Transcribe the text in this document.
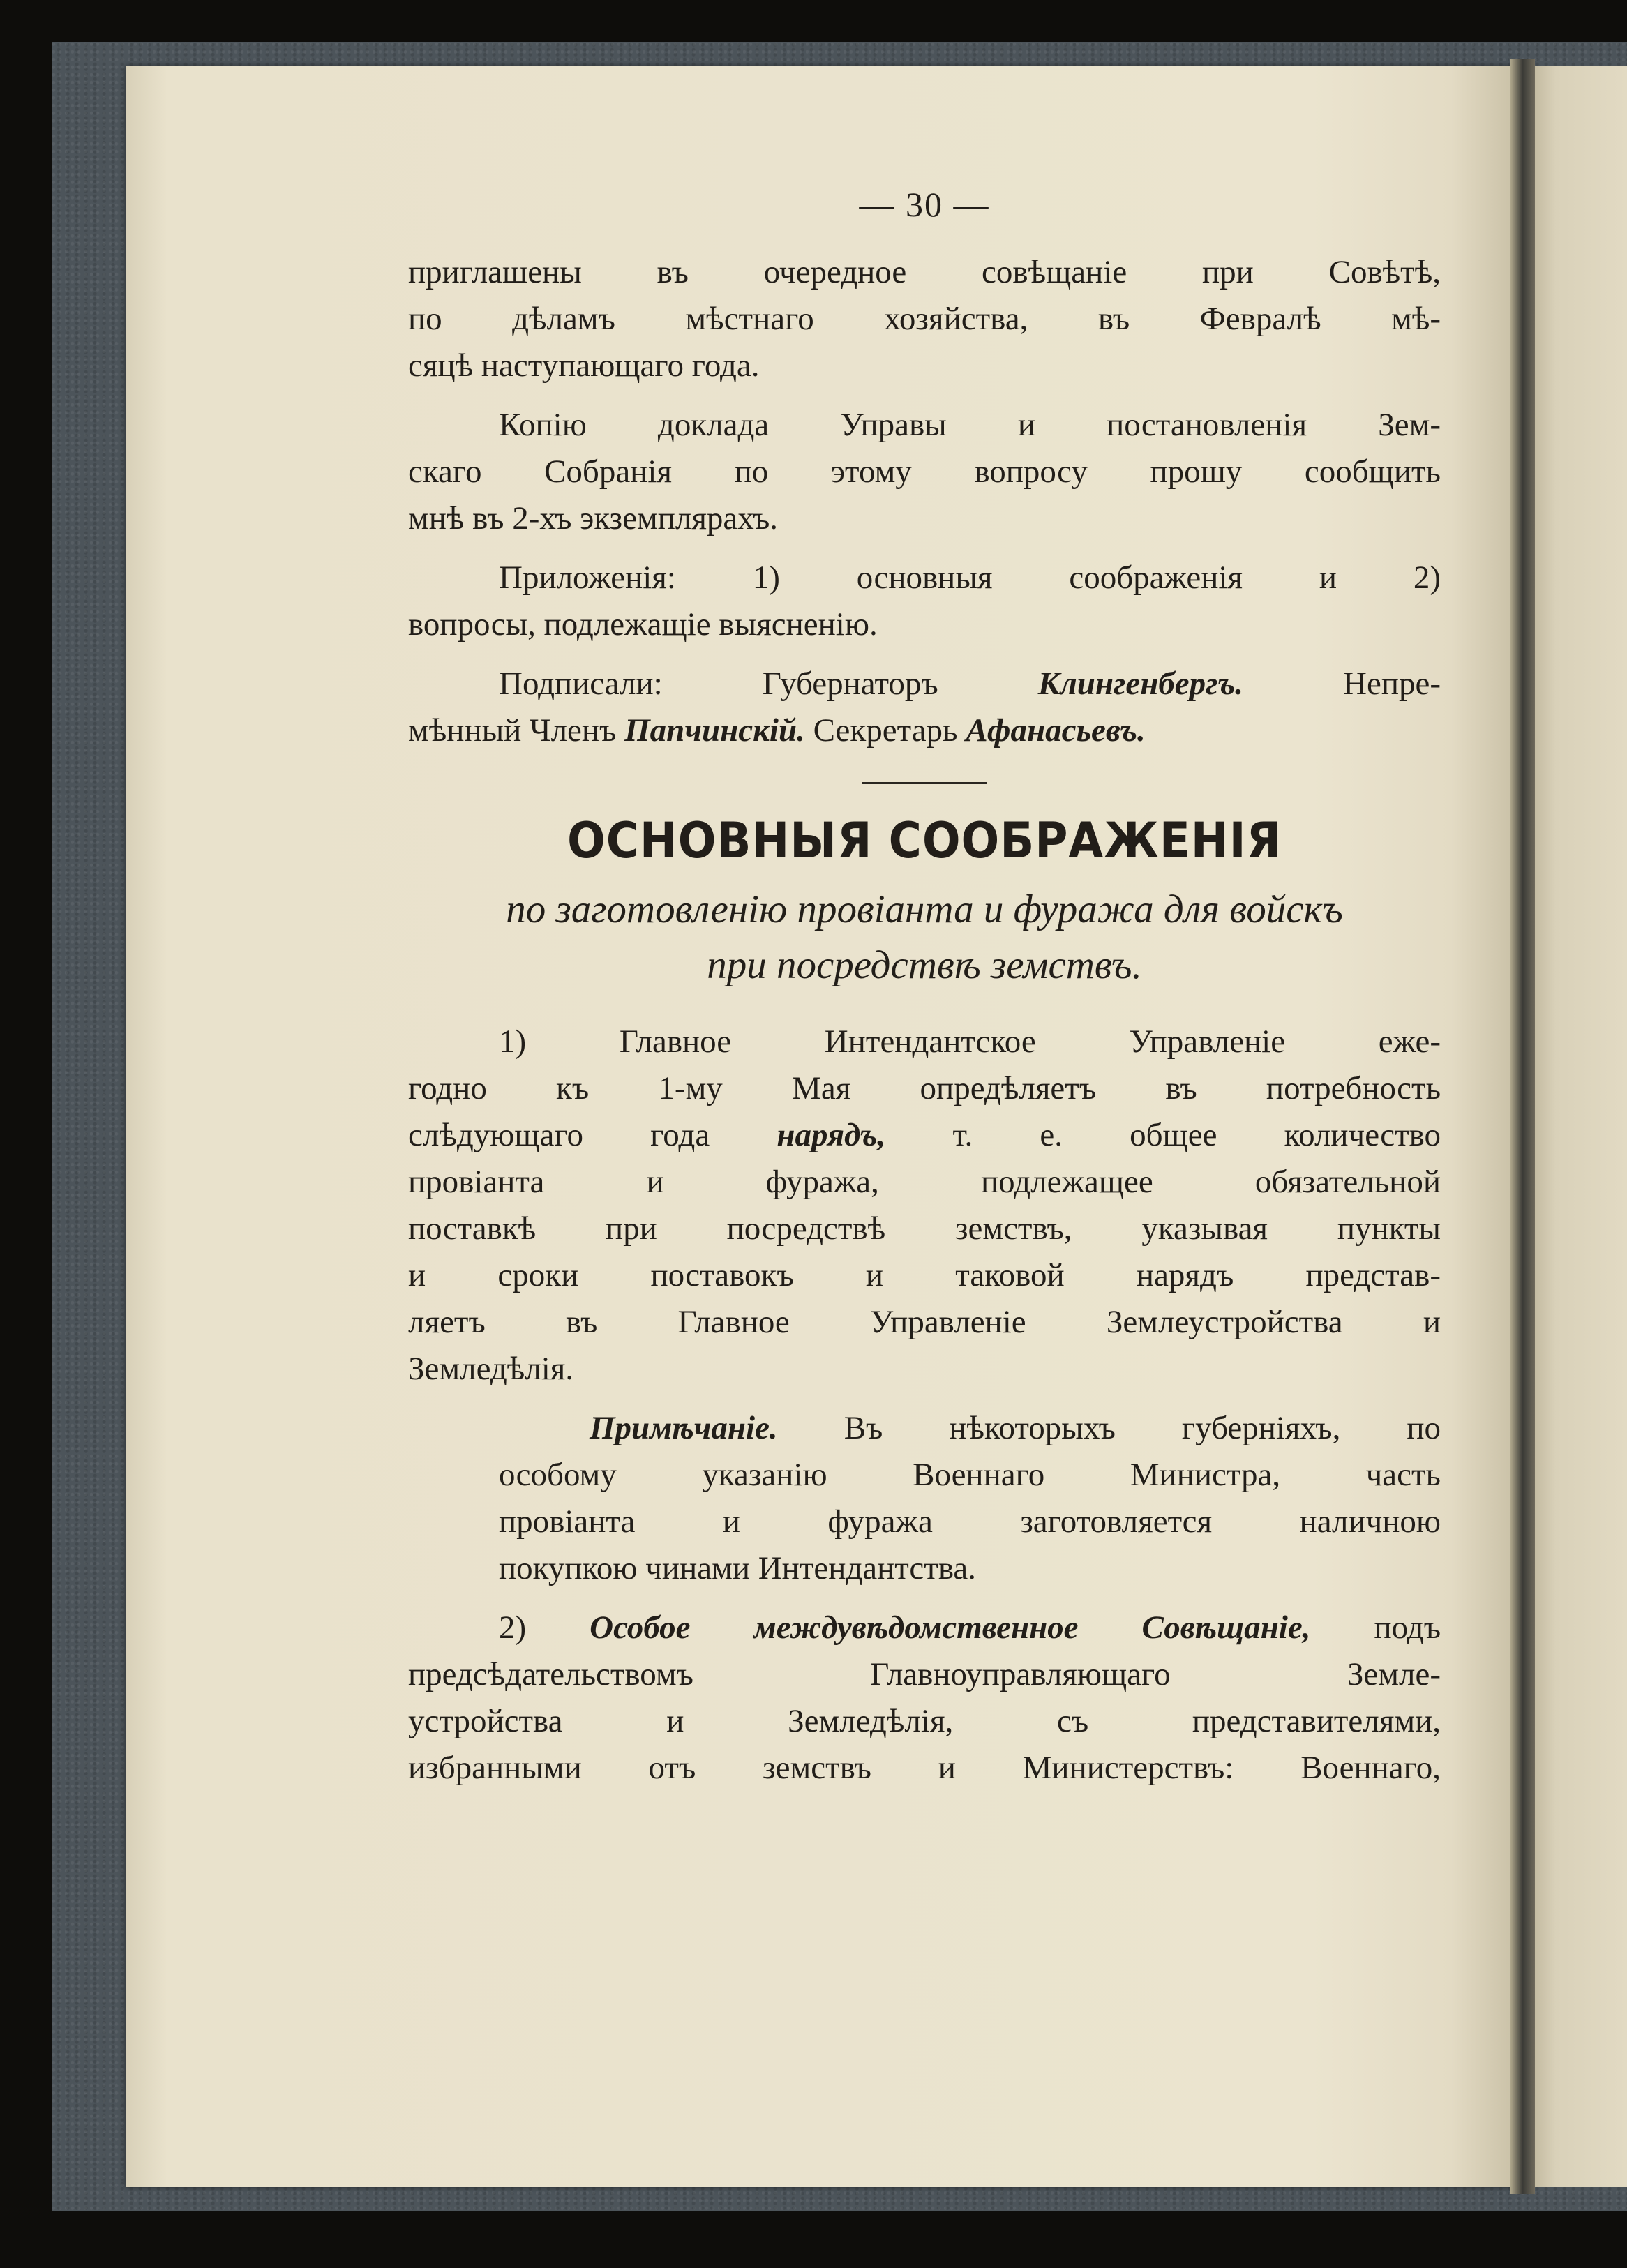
— 30 —

приглашены въ очередное совѣщаніе при Совѣтѣ,

по дѣламъ мѣстнаго хозяйства, въ Февралѣ мѣ-

сяцѣ наступающаго года.

Копію доклада Управы и постановленія Зем-

скаго Собранія по этому вопросу прошу сообщить

мнѣ въ 2-хъ экземплярахъ.

Приложенія: 1) основныя соображенія и 2)

вопросы, подлежащіе выясненію.

Подписали: Губернаторъ Клингенбергъ. Непре-

мѣнный Членъ Папчинскій. Секретарь Афанасьевъ.

ОСНОВНЫЯ СООБРАЖЕНІЯ

по заготовленію провіанта и фуража для войскъ

при посредствѣ земствъ.

1) Главное Интендантское Управленіе еже-

годно къ 1-му Мая опредѣляетъ въ потребность

слѣдующаго года нарядъ, т. е. общее количество

провіанта и фуража, подлежащее обязательной

поставкѣ при посредствѣ земствъ, указывая пункты

и сроки поставокъ и таковой нарядъ представ-

ляетъ въ Главное Управленіе Землеустройства и

Земледѣлія.

Примѣчаніе. Въ нѣкоторыхъ губерніяхъ, по

особому указанію Военнаго Министра, часть

провіанта и фуража заготовляется наличною

покупкою чинами Интендантства.

2) Особое междувѣдомственное Совѣщаніе, подъ

предсѣдательствомъ Главноуправляющаго Земле-

устройства и Земледѣлія, съ представителями,

избранными отъ земствъ и Министерствъ: Военнаго,
